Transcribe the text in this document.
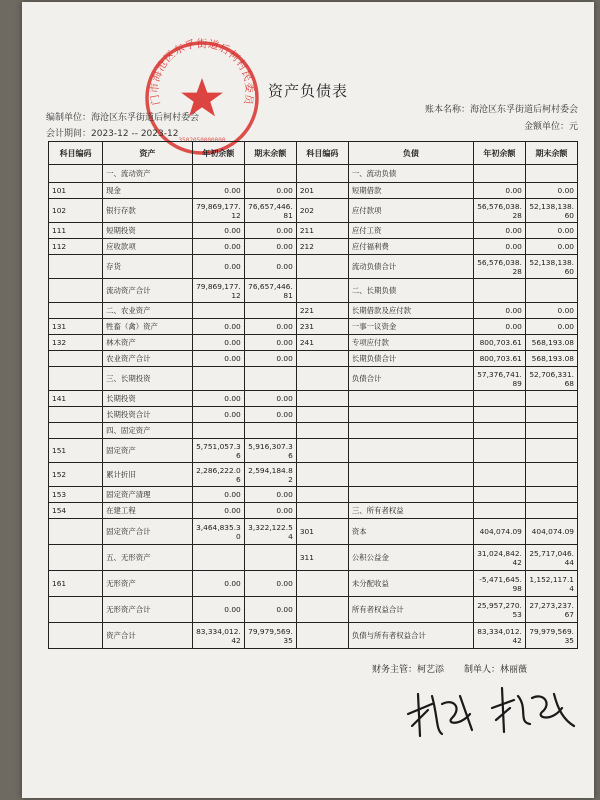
门市海沧区东孚街道后柯村民委员
3502050000000
资产负债表
编制单位：海沧区东孚街道后柯村委会
会计期间：2023-12 -- 2023-12
账本名称：海沧区东孚街道后柯村委会
金额单位：元
科目编码	资产	年初余额	期末余额	科目编码	负债	年初余额	期末余额
	一、流动资产				一、流动负债		
101	现金	0.00	0.00	201	短期借款	0.00	0.00
102	银行存款	79,869,177.12	76,657,446.81	202	应付款项	56,576,038.28	52,138,138.60
111	短期投资	0.00	0.00	211	应付工资	0.00	0.00
112	应收款项	0.00	0.00	212	应付福利费	0.00	0.00
	存货	0.00	0.00		流动负债合计	56,576,038.28	52,138,138.60
	流动资产合计	79,869,177.12	76,657,446.81		二、长期负债		
	二、农业资产			221	长期借款及应付款	0.00	0.00
131	牲畜（禽）资产	0.00	0.00	231	一事一议资金	0.00	0.00
132	林木资产	0.00	0.00	241	专项应付款	800,703.61	568,193.08
	农业资产合计	0.00	0.00		长期负债合计	800,703.61	568,193.08
	三、长期投资				负债合计	57,376,741.89	52,706,331.68
141	长期投资	0.00	0.00				
	长期投资合计	0.00	0.00				
	四、固定资产						
151	固定资产	5,751,057.36	5,916,307.36				
152	累计折旧	2,286,222.06	2,594,184.82				
153	固定资产清理	0.00	0.00				
154	在建工程	0.00	0.00		三、所有者权益		
	固定资产合计	3,464,835.30	3,322,122.54	301	资本	404,074.09	404,074.09
	五、无形资产			311	公积公益金	31,024,842.42	25,717,046.44
161	无形资产	0.00	0.00		未分配收益	-5,471,645.98	1,152,117.14
	无形资产合计	0.00	0.00		所有者权益合计	25,957,270.53	27,273,237.67
	资产合计	83,334,012.42	79,979,569.35		负债与所有者权益合计	83,334,012.42	79,979,569.35
财务主管：柯艺添 制单人：林丽薇
